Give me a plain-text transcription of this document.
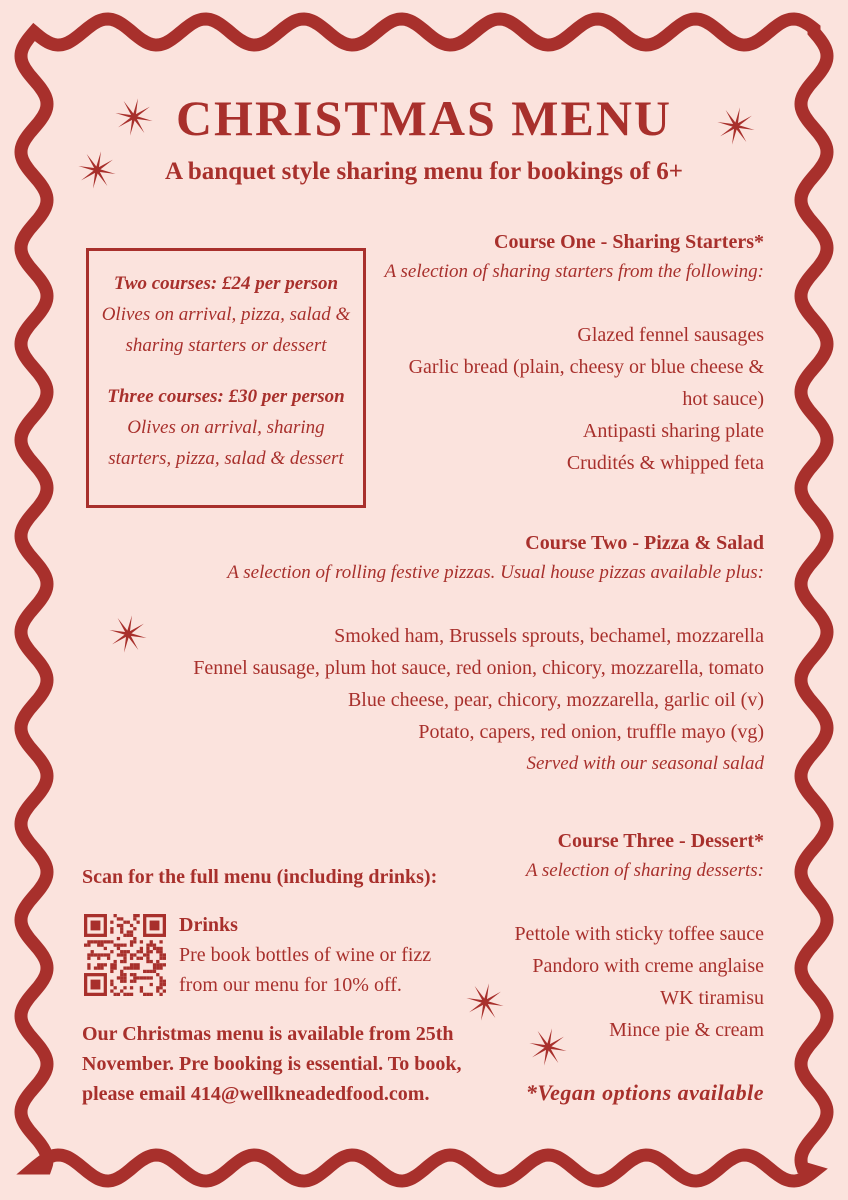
CHRISTMAS MENU
A banquet style sharing menu for bookings of 6+
Two courses: £24 per person
Olives on arrival, pizza, salad &
sharing starters or dessert
Three courses: £30 per person
Olives on arrival, sharing
starters, pizza, salad & dessert
Course One - Sharing Starters*
A selection of sharing starters from the following:
Glazed fennel sausages
Garlic bread (plain, cheesy or blue cheese &
hot sauce)
Antipasti sharing plate
Crudités & whipped feta
Course Two - Pizza & Salad
A selection of rolling festive pizzas. Usual house pizzas available plus:
Smoked ham, Brussels sprouts, bechamel, mozzarella
Fennel sausage, plum hot sauce, red onion, chicory, mozzarella, tomato
Blue cheese, pear, chicory, mozzarella, garlic oil (v)
Potato, capers, red onion, truffle mayo (vg)
Served with our seasonal salad
Course Three - Dessert*
A selection of sharing desserts:
Pettole with sticky toffee sauce
Pandoro with creme anglaise
WK tiramisu
Mince pie & cream
Scan for the full menu (including drinks):
Drinks
Pre book bottles of wine or fizz
from our menu for 10% off.
Our Christmas menu is available from 25th
November. Pre booking is essential. To book,
please email 414@wellkneadedfood.com.	*Vegan options available
